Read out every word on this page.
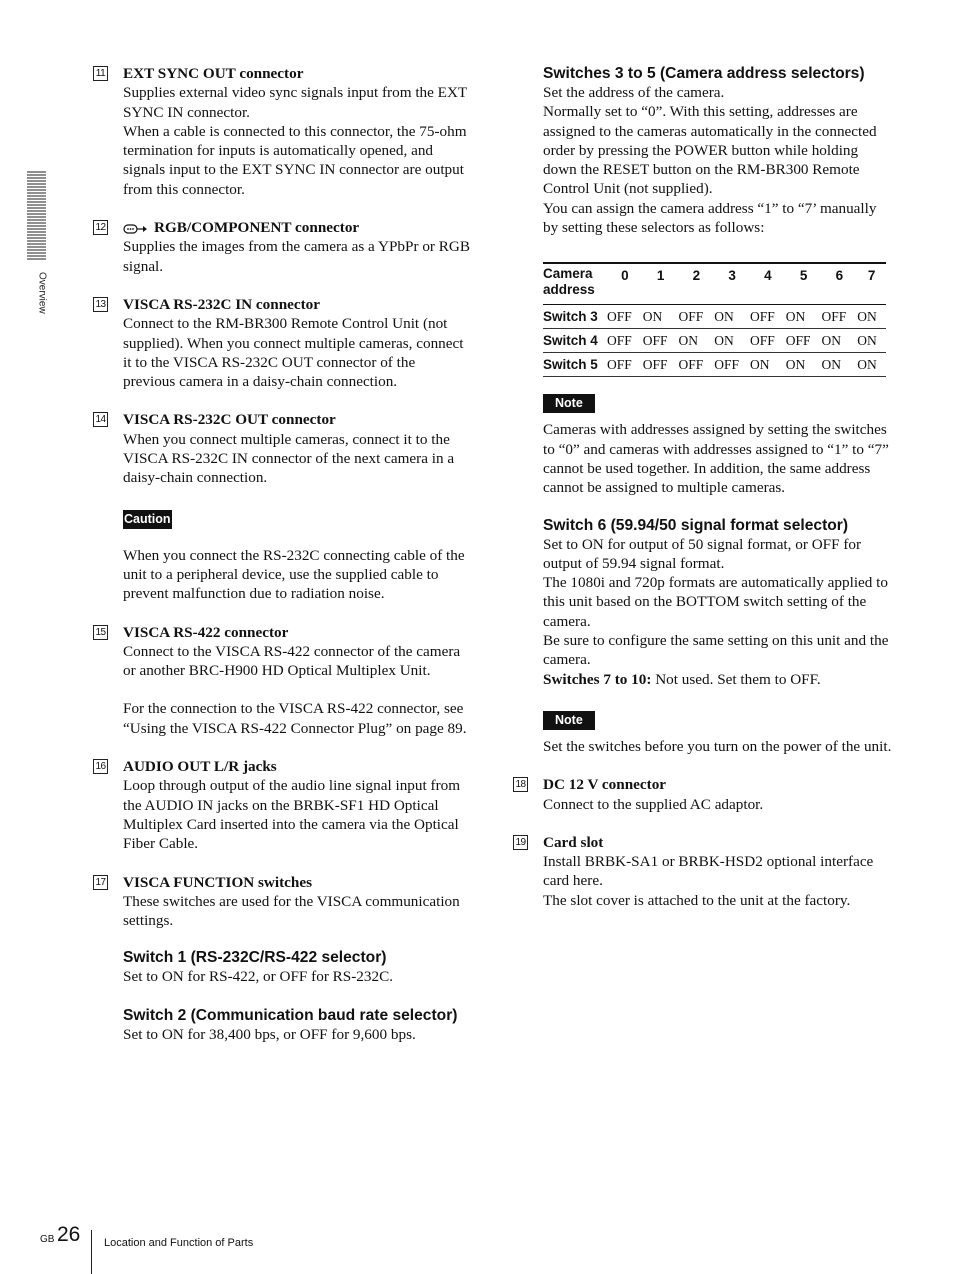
Overview
11 EXT SYNC OUT connector

Supplies external video sync signals input from the EXT SYNC IN connector.

When a cable is connected to this connector, the 75-ohm termination for inputs is automatically opened, and signals input to the EXT SYNC IN connector are output from this connector.

12	RGB/COMPONENT connector

Supplies the images from the camera as a YPbPr or RGB signal.

13 VISCA RS-232C IN connector

Connect to the RM-BR300 Remote Control Unit (not supplied). When you connect multiple cameras, connect it to the VISCA RS-232C OUT connector of the previous camera in a daisy-chain connection.

14 VISCA RS-232C OUT connector

When you connect multiple cameras, connect it to the VISCA RS-232C IN connector of the next camera in a daisy-chain connection.

Caution

When you connect the RS-232C connecting cable of the unit to a peripheral device, use the supplied cable to prevent malfunction due to radiation noise.

15 VISCA RS-422 connector

Connect to the VISCA RS-422 connector of the camera or another BRC-H900 HD Optical Multiplex Unit.

For the connection to the VISCA RS-422 connector, see “Using the VISCA RS-422 Connector Plug” on page 89.

16 AUDIO OUT L/R jacks

Loop through output of the audio line signal input from the AUDIO IN jacks on the BRBK-SF1 HD Optical Multiplex Card inserted into the camera via the Optical Fiber Cable.

17 VISCA FUNCTION switches

These switches are used for the VISCA communication settings.

Switch 1 (RS-232C/RS-422 selector)

Set to ON for RS-422, or OFF for RS-232C.

Switch 2 (Communication baud rate selector)

Set to ON for 38,400 bps, or OFF for 9,600 bps.

Switches 3 to 5 (Camera address selectors)

Set the address of the camera.

Normally set to “0”. With this setting, addresses are assigned to the cameras automatically in the connected order by pressing the POWER button while holding down the RESET button on the RM-BR300 Remote Control Unit (not supplied).

You can assign the camera address “1” to “7’ manually by setting these selectors as follows:

Camera address	0	1	2	3	4	5	6	7
Switch 3	OFF	ON	OFF	ON	OFF	ON	OFF	ON
Switch 4	OFF	OFF	ON	ON	OFF	OFF	ON	ON
Switch 5	OFF	OFF	OFF	OFF	ON	ON	ON	ON
Note

Cameras with addresses assigned by setting the switches to “0” and cameras with addresses assigned to “1” to “7” cannot be used together. In addition, the same address cannot be assigned to multiple cameras.

Switch 6 (59.94/50 signal format selector)

Set to ON for output of 50 signal format, or OFF for output of 59.94 signal format.

The 1080i and 720p formats are automatically applied to this unit based on the BOTTOM switch setting of the camera.

Be sure to configure the same setting on this unit and the camera.

Switches 7 to 10: Not used. Set them to OFF.

Note

Set the switches before you turn on the power of the unit.

18 DC 12 V connector

Connect to the supplied AC adaptor.

19 Card slot

Install BRBK-SA1 or BRBK-HSD2 optional interface card here.

The slot cover is attached to the unit at the factory.

GB 26 Location and Function of Parts
